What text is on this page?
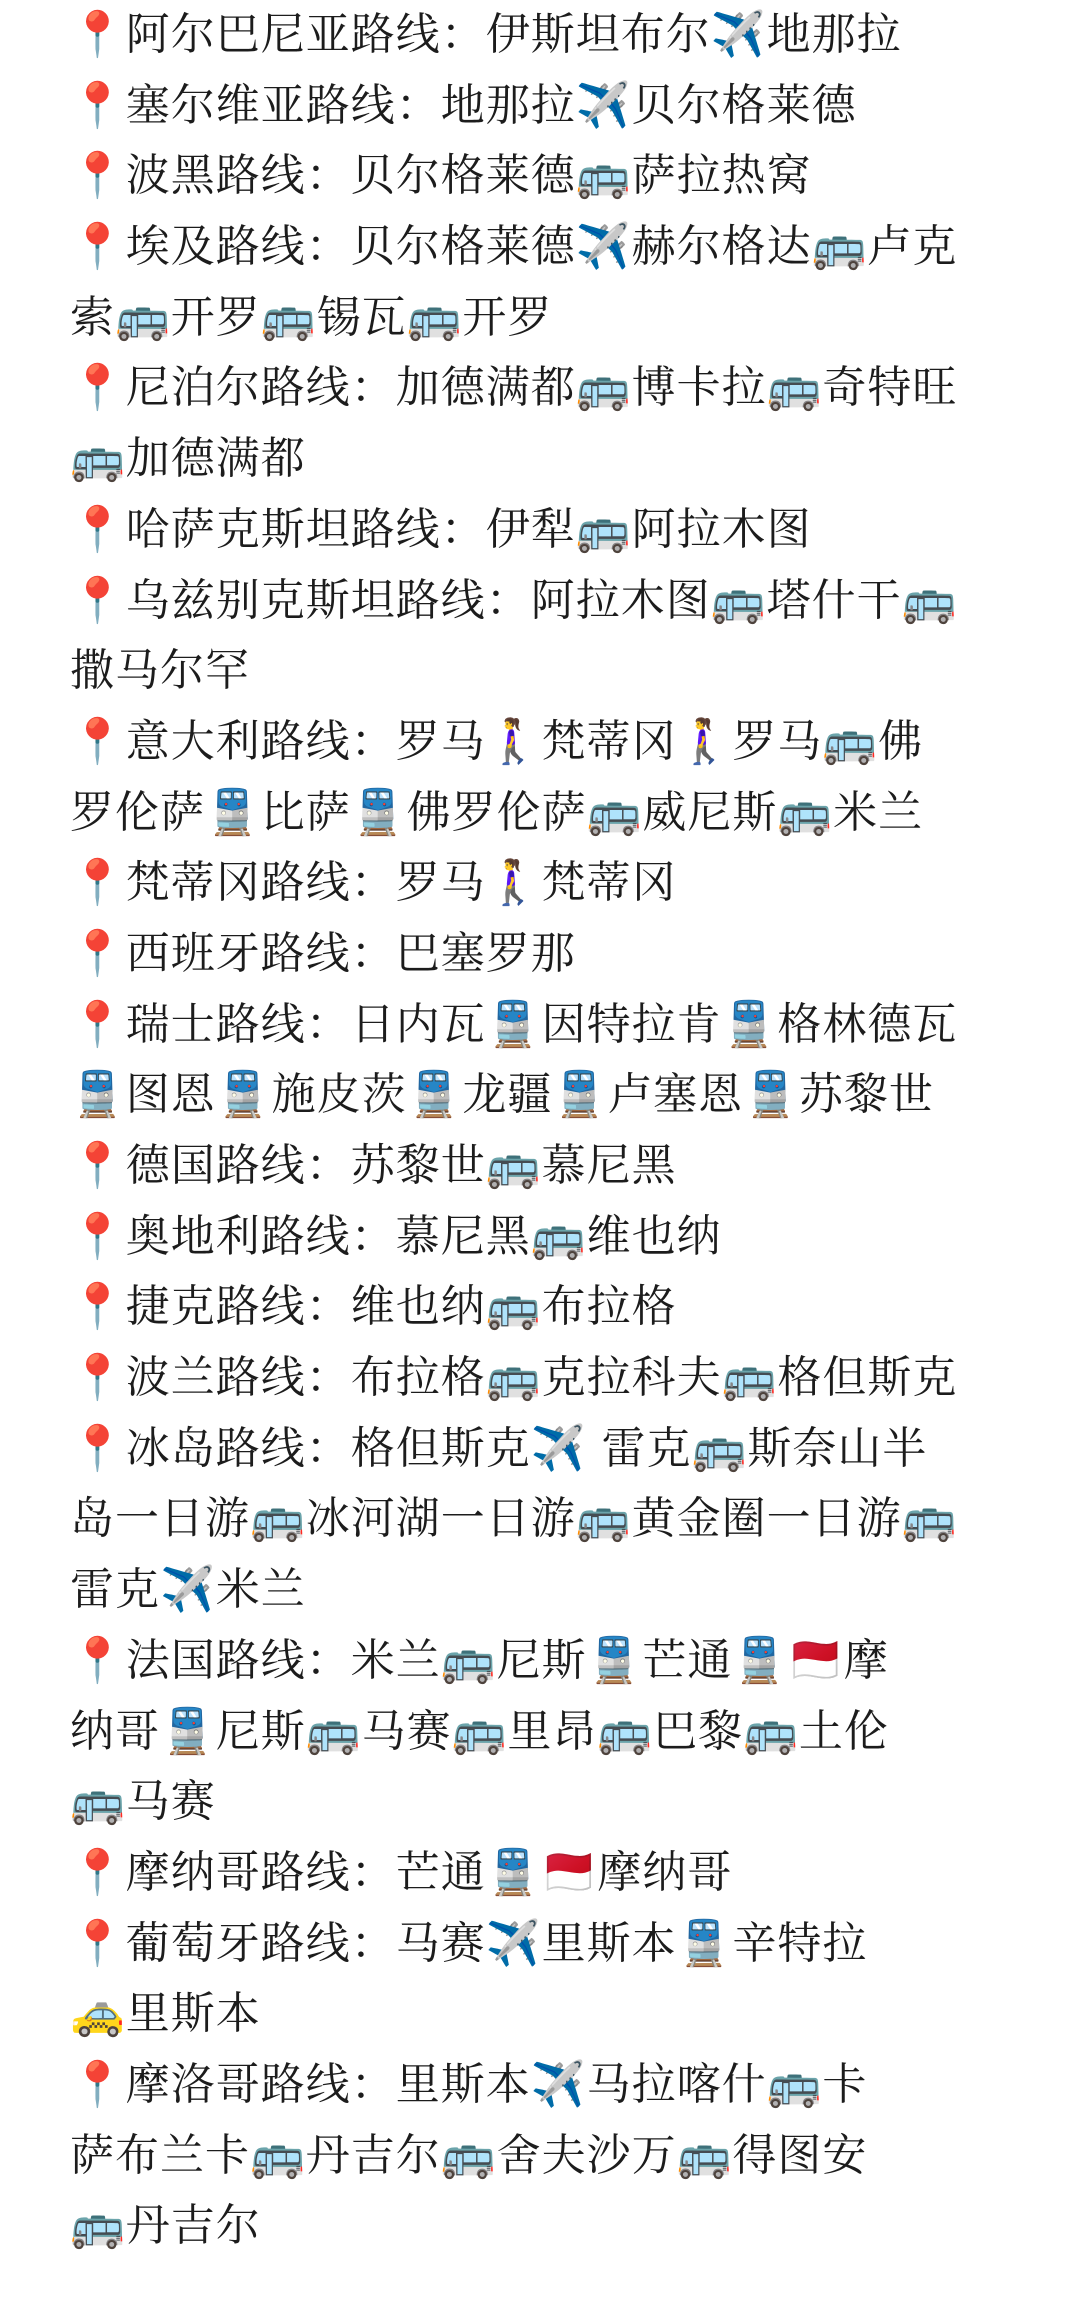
📍阿尔巴尼亚路线：伊斯坦布尔✈️地那拉
📍塞尔维亚路线：地那拉✈️贝尔格莱德
📍波黑路线：贝尔格莱德🚌萨拉热窝
📍埃及路线：贝尔格莱德✈️赫尔格达🚌卢克
索🚌开罗🚌锡瓦🚌开罗
📍尼泊尔路线：加德满都🚌博卡拉🚌奇特旺
🚌加德满都
📍哈萨克斯坦路线：伊犁🚌阿拉木图
📍乌兹别克斯坦路线：阿拉木图🚌塔什干🚌
撒马尔罕
📍意大利路线：罗马🚶‍♀️梵蒂冈🚶‍♀️罗马🚌佛
罗伦萨🚆比萨🚆佛罗伦萨🚌威尼斯🚌米兰
📍梵蒂冈路线：罗马🚶‍♀️梵蒂冈
📍西班牙路线：巴塞罗那
📍瑞士路线：日内瓦🚆因特拉肯🚆格林德瓦
🚆图恩🚆施皮茨🚆龙疆🚆卢塞恩🚆苏黎世
📍德国路线：苏黎世🚌慕尼黑
📍奥地利路线：慕尼黑🚌维也纳
📍捷克路线：维也纳🚌布拉格
📍波兰路线：布拉格🚌克拉科夫🚌格但斯克
📍冰岛路线：格但斯克✈️ 雷克🚌斯奈山半
岛一日游🚌冰河湖一日游🚌黄金圈一日游🚌
雷克✈️米兰
📍法国路线：米兰🚌尼斯🚆芒通🚆🇲🇨摩
纳哥🚆尼斯🚌马赛🚌里昂🚌巴黎🚌土伦
🚌马赛
📍摩纳哥路线：芒通🚆🇲🇨摩纳哥
📍葡萄牙路线：马赛✈️里斯本🚆辛特拉
🚕里斯本
📍摩洛哥路线：里斯本✈️马拉喀什🚌卡
萨布兰卡🚌丹吉尔🚌舍夫沙万🚌得图安
🚌丹吉尔
